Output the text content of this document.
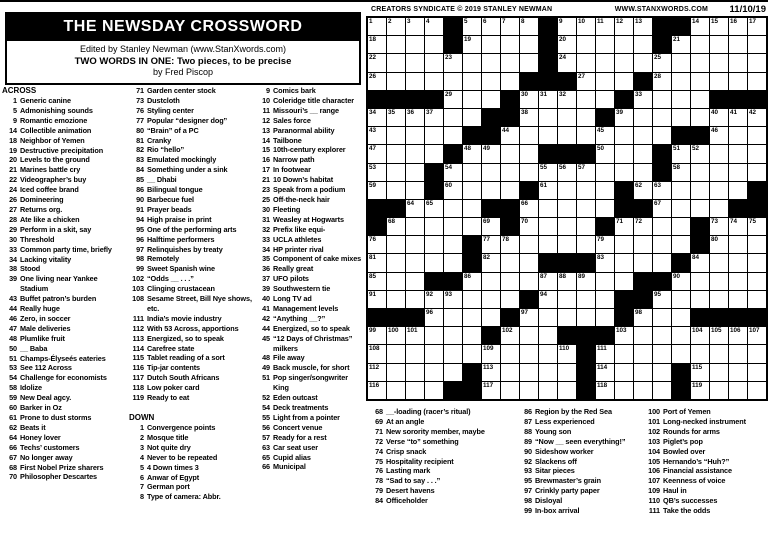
THE NEWSDAY CROSSWORD
Edited by Stanley Newman (www.StanXwords.com)
TWO WORDS IN ONE: Two pieces, to be precise
by Fred Piscop
ACROSS
1 Generic canine
5 Admonishing sounds
9 Romantic emozione
14 Collectible animation
18 Neighbor of Yemen
19 Destructive precipitation
20 Levels to the ground
21 Marines battle cry
22 Videographer’s buy
24 Iced coffee brand
26 Domineering
27 Returns org.
28 Ate like a chicken
29 Perform in a skit, say
30 Threshold
33 Common party time, briefly
34 Lacking vitality
38 Stood
39 One living near Yankee Stadium
43 Buffet patron’s burden
44 Really huge
46 Zero, in soccer
47 Male deliveries
48 Plumlike fruit
50 __ Baba
51 Champs-Élyseés eateries
53 See 112 Across
54 Challenge for economists
58 Idolize
59 New Deal agcy.
60 Barker in Oz
61 Prone to dust storms
62 Beats it
64 Honey lover
66 Techs’ customers
67 No longer away
68 First Nobel Prize sharers
70 Philosopher Descartes
71 Garden center stock
73 Dustcloth
76 Styling center
77 Popular “designer dog”
80 “Brain” of a PC
81 Cranky
82 Rio “hello”
83 Emulated mockingly
84 Something under a sink
85 __ Dhabi
86 Bilingual tongue
90 Barbecue fuel
91 Prayer beads
94 High praise in print
95 One of the performing arts
96 Halftime performers
97 Relinquishes by treaty
98 Remotely
99 Sweet Spanish wine
102 “Odds __ . . .”
103 Clinging crustacean
108 Sesame Street, Bill Nye shows, etc.
111 India’s movie industry
112 With 53 Across, apportions
113 Energized, so to speak
114 Carefree state
115 Tablet reading of a sort
116 Tip-jar contents
117 Dutch South Africans
118 Low poker card
119 Ready to eat
DOWN
1 Convergence points
2 Mosque title
3 Not quite dry
4 Never to be repeated
5 4 Down times 3
6 Anwar of Egypt
7 German port
8 Type of camera: Abbr.
9 Comics bark
10 Coleridge title character
11 Missouri’s __ range
12 Sales force
13 Paranormal ability
14 Tailbone
15 10th-century explorer
16 Narrow path
17 In footwear
21 10 Down’s habitat
23 Speak from a podium
25 Off-the-neck hair
30 Fleeting
31 Weasley at Hogwarts
32 Prefix like equi-
33 UCLA athletes
34 HP printer rival
35 Component of cake mixes
36 Really great
37 UFO pilots
39 Southwestern tie
40 Long TV ad
41 Management levels
42 “Anything __?”
44 Energized, so to speak
45 “12 Days of Christmas” milkers
48 File away
49 Back muscle, for short
51 Pop singer/songwriter King
52 Eden outcast
54 Deck treatments
55 Light from a pointer
56 Concert venue
57 Ready for a rest
63 Car seat user
65 Cupid alias
66 Municipal
CREATORS SYNDICATE © 2019 STANLEY NEWMAN	WWW.STANXWORDS.COM 11/10/19
1 2 3 4	5 6 7 8	9 10 11 12 13	14 15 16 17
18	19	20	21
22	23	24	25
26	27	28
29	30 31 32	33
34 35 36 37	38	39	40 41 42
43	44	45	46
47	48 49	50	51 52
53	54	55 56 57	58
59	60	61	62 63
64 65	66	67
68	69	70	71 72	73 74 75
76	77 78	79	80
81	82	83	84
85	86	87 88 89	90
91	92 93	94	95
96	97	98
99 100 101	102	103	104 105 106 107
108	109	110	111
112	113	114	115
116	117	118	119
68 __-loading (racer’s ritual)
69 At an angle
71 New sorority member, maybe
72 Verse “to” something
74 Crisp snack
75 Hospitality recipient
76 Lasting mark
78 “Sad to say . . .”
79 Desert havens
84 Officeholder
86 Region by the Red Sea
87 Less experienced
88 Young son
89 “Now __ seen everything!”
90 Sideshow worker
92 Slackens off
93 Sitar pieces
95 Brewmaster’s grain
97 Crinkly party paper
98 Disloyal
99 In-box arrival
100 Port of Yemen
101 Long-necked instrument
102 Rounds for arms
103 Piglet’s pop
104 Bowled over
105 Hernando’s “Huh?”
106 Financial assistance
107 Keenness of voice
109 Haul in
110 QB’s successes
111 Take the odds
